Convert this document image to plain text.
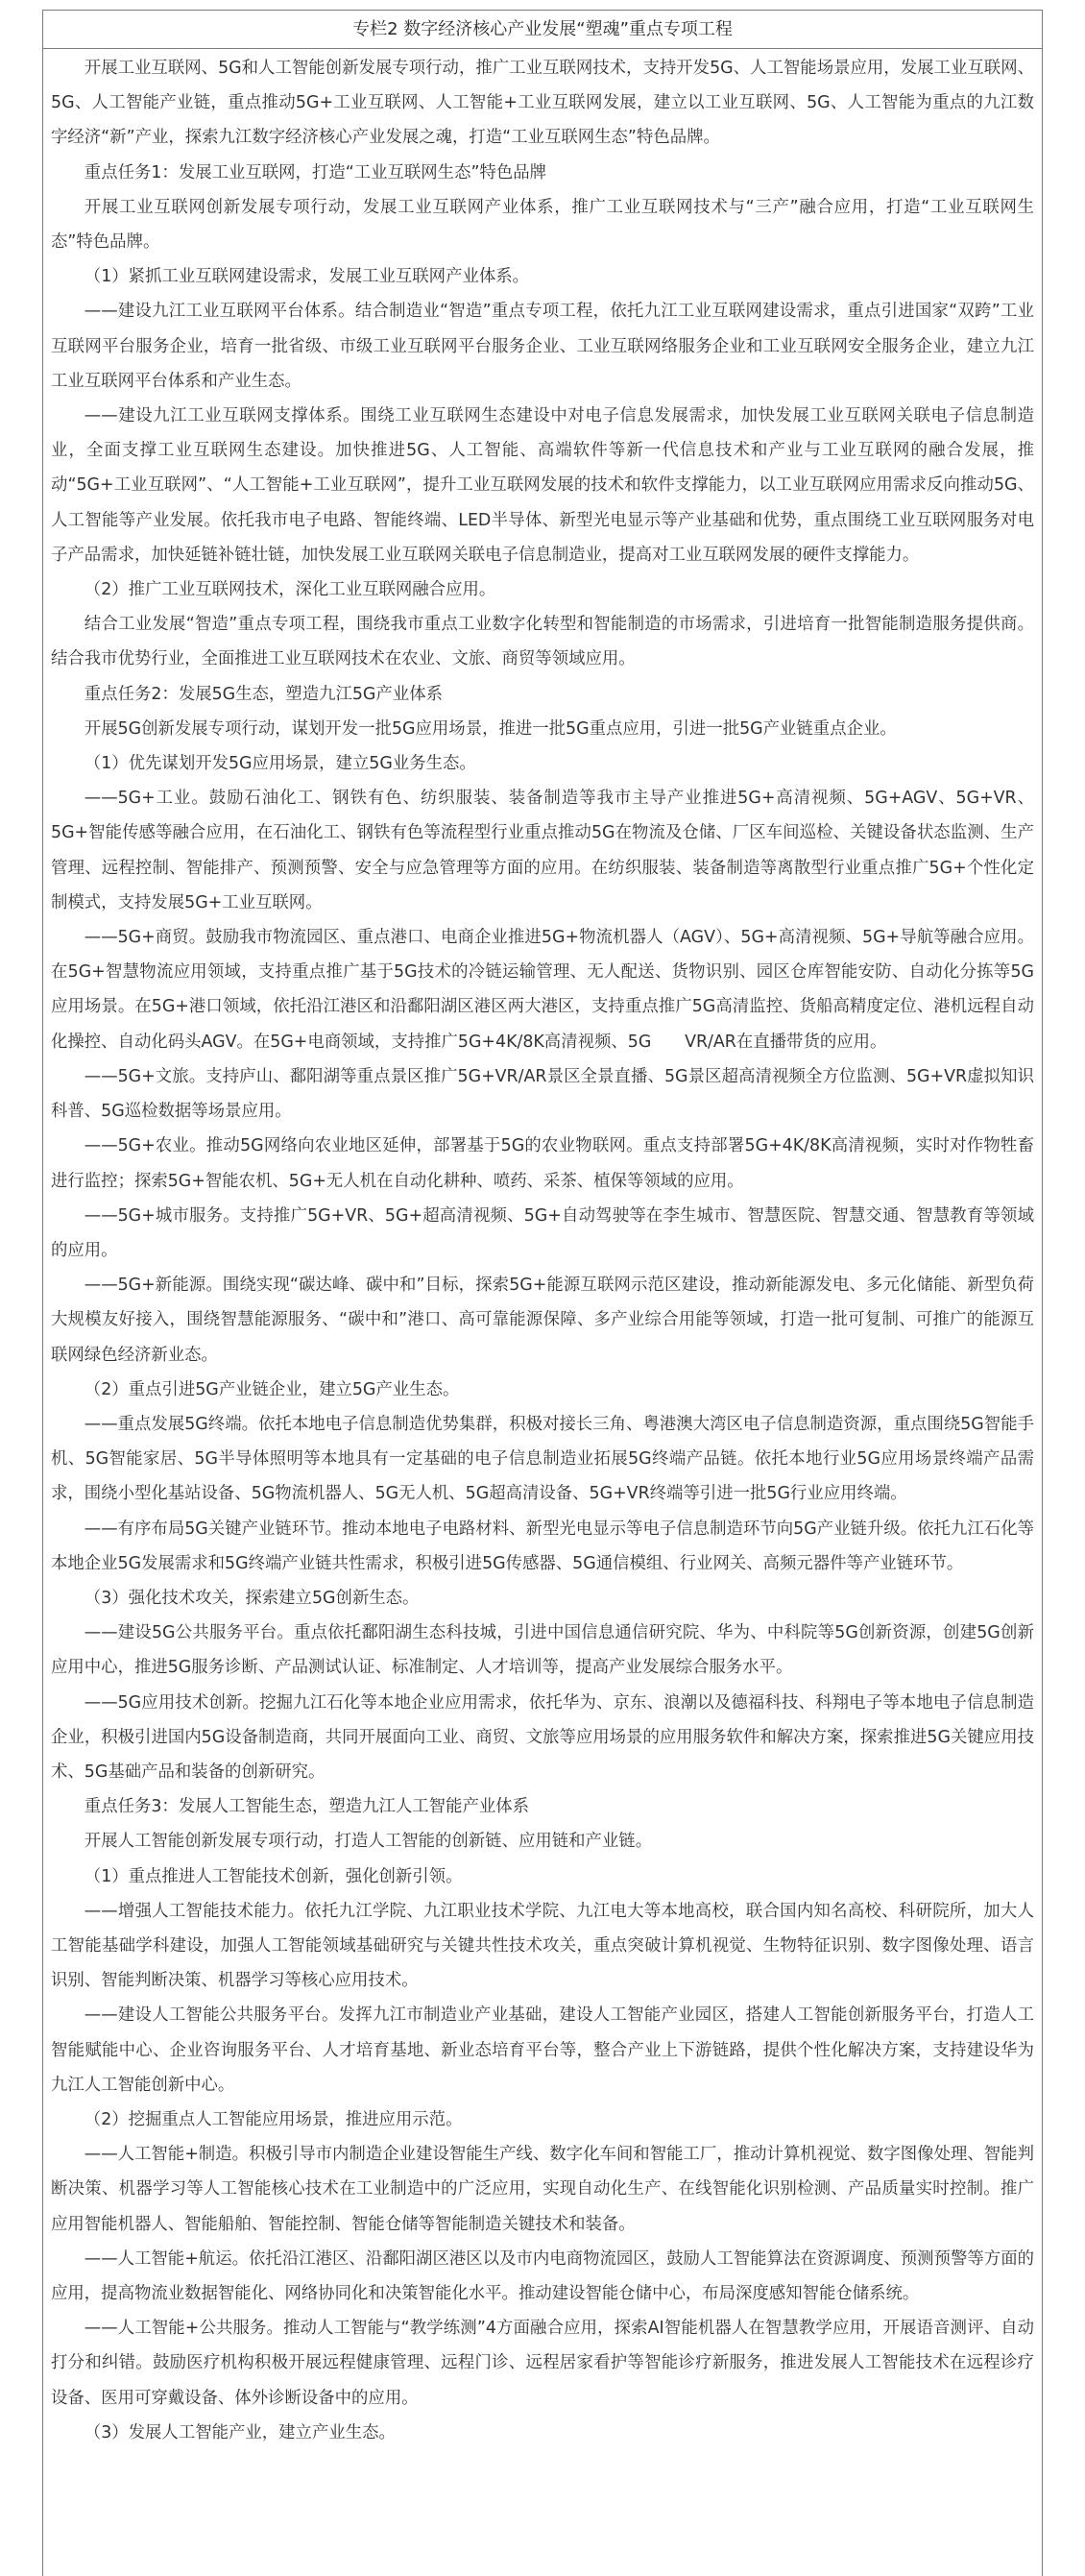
专栏2 数字经济核心产业发展“塑魂”重点专项工程

开展工业互联网、5G和人工智能创新发展专项行动，推广工业互联网技术，支持开发5G、人工智能场景应用，发展工业互联网、5G、人工智能产业链，重点推动5G+工业互联网、人工智能+工业互联网发展，建立以工业互联网、5G、人工智能为重点的九江数字经济“新”产业，探索九江数字经济核心产业发展之魂，打造“工业互联网生态”特色品牌。

重点任务1：发展工业互联网，打造“工业互联网生态”特色品牌

开展工业互联网创新发展专项行动，发展工业互联网产业体系，推广工业互联网技术与“三产”融合应用，打造“工业互联网生态”特色品牌。

（1）紧抓工业互联网建设需求，发展工业互联网产业体系。

——建设九江工业互联网平台体系。结合制造业“智造”重点专项工程，依托九江工业互联网建设需求，重点引进国家“双跨”工业互联网平台服务企业，培育一批省级、市级工业互联网平台服务企业、工业互联网络服务企业和工业互联网安全服务企业，建立九江工业互联网平台体系和产业生态。

——建设九江工业互联网支撑体系。围绕工业互联网生态建设中对电子信息发展需求，加快发展工业互联网关联电子信息制造业，全面支撑工业互联网生态建设。加快推进5G、人工智能、高端软件等新一代信息技术和产业与工业互联网的融合发展，推动“5G+工业互联网”、“人工智能+工业互联网”，提升工业互联网发展的技术和软件支撑能力，以工业互联网应用需求反向推动5G、人工智能等产业发展。依托我市电子电路、智能终端、LED半导体、新型光电显示等产业基础和优势，重点围绕工业互联网服务对电子产品需求，加快延链补链壮链，加快发展工业互联网关联电子信息制造业，提高对工业互联网发展的硬件支撑能力。

（2）推广工业互联网技术，深化工业互联网融合应用。

结合工业发展“智造”重点专项工程，围绕我市重点工业数字化转型和智能制造的市场需求，引进培育一批智能制造服务提供商。结合我市优势行业，全面推进工业互联网技术在农业、文旅、商贸等领域应用。

重点任务2：发展5G生态，塑造九江5G产业体系

开展5G创新发展专项行动，谋划开发一批5G应用场景，推进一批5G重点应用，引进一批5G产业链重点企业。

（1）优先谋划开发5G应用场景，建立5G业务生态。

——5G+工业。鼓励石油化工、钢铁有色、纺织服装、装备制造等我市主导产业推进5G+高清视频、5G+AGV、5G+VR、5G+智能传感等融合应用，在石油化工、钢铁有色等流程型行业重点推动5G在物流及仓储、厂区车间巡检、关键设备状态监测、生产管理、远程控制、智能排产、预测预警、安全与应急管理等方面的应用。在纺织服装、装备制造等离散型行业重点推广5G+个性化定制模式，支持发展5G+工业互联网。

——5G+商贸。鼓励我市物流园区、重点港口、电商企业推进5G+物流机器人（AGV）、5G+高清视频、5G+导航等融合应用。在5G+智慧物流应用领域，支持重点推广基于5G技术的冷链运输管理、无人配送、货物识别、园区仓库智能安防、自动化分拣等5G应用场景。在5G+港口领域，依托沿江港区和沿鄱阳湖区港区两大港区，支持重点推广5G高清监控、货船高精度定位、港机远程自动化操控、自动化码头AGV。在5G+电商领域，支持推广5G+4K/8K高清视频、5G　　VR/AR在直播带货的应用。

——5G+文旅。支持庐山、鄱阳湖等重点景区推广5G+VR/AR景区全景直播、5G景区超高清视频全方位监测、5G+VR虚拟知识科普、5G巡检数据等场景应用。

——5G+农业。推动5G网络向农业地区延伸，部署基于5G的农业物联网。重点支持部署5G+4K/8K高清视频，实时对作物牲畜进行监控；探索5G+智能农机、5G+无人机在自动化耕种、喷药、采茶、植保等领域的应用。

——5G+城市服务。支持推广5G+VR、5G+超高清视频、5G+自动驾驶等在李生城市、智慧医院、智慧交通、智慧教育等领域的应用。

——5G+新能源。围绕实现“碳达峰、碳中和”目标，探索5G+能源互联网示范区建设，推动新能源发电、多元化储能、新型负荷大规模友好接入，围绕智慧能源服务、“碳中和”港口、高可靠能源保障、多产业综合用能等领域，打造一批可复制、可推广的能源互联网绿色经济新业态。

（2）重点引进5G产业链企业，建立5G产业生态。

——重点发展5G终端。依托本地电子信息制造优势集群，积极对接长三角、粤港澳大湾区电子信息制造资源，重点围绕5G智能手机、5G智能家居、5G半导体照明等本地具有一定基础的电子信息制造业拓展5G终端产品链。依托本地行业5G应用场景终端产品需求，围绕小型化基站设备、5G物流机器人、5G无人机、5G超高清设备、5G+VR终端等引进一批5G行业应用终端。

——有序布局5G关键产业链环节。推动本地电子电路材料、新型光电显示等电子信息制造环节向5G产业链升级。依托九江石化等本地企业5G发展需求和5G终端产业链共性需求，积极引进5G传感器、5G通信模组、行业网关、高频元器件等产业链环节。

（3）强化技术攻关，探索建立5G创新生态。

——建设5G公共服务平台。重点依托鄱阳湖生态科技城，引进中国信息通信研究院、华为、中科院等5G创新资源，创建5G创新应用中心，推进5G服务诊断、产品测试认证、标准制定、人才培训等，提高产业发展综合服务水平。

——5G应用技术创新。挖掘九江石化等本地企业应用需求，依托华为、京东、浪潮以及德福科技、科翔电子等本地电子信息制造企业，积极引进国内5G设备制造商，共同开展面向工业、商贸、文旅等应用场景的应用服务软件和解决方案，探索推进5G关键应用技术、5G基础产品和装备的创新研究。

重点任务3：发展人工智能生态，塑造九江人工智能产业体系

开展人工智能创新发展专项行动，打造人工智能的创新链、应用链和产业链。

（1）重点推进人工智能技术创新，强化创新引领。

——增强人工智能技术能力。依托九江学院、九江职业技术学院、九江电大等本地高校，联合国内知名高校、科研院所，加大人工智能基础学科建设，加强人工智能领域基础研究与关键共性技术攻关，重点突破计算机视觉、生物特征识别、数字图像处理、语言识别、智能判断决策、机器学习等核心应用技术。

——建设人工智能公共服务平台。发挥九江市制造业产业基础，建设人工智能产业园区，搭建人工智能创新服务平台，打造人工智能赋能中心、企业咨询服务平台、人才培育基地、新业态培育平台等，整合产业上下游链路，提供个性化解决方案，支持建设华为九江人工智能创新中心。

（2）挖掘重点人工智能应用场景，推进应用示范。

——人工智能+制造。积极引导市内制造企业建设智能生产线、数字化车间和智能工厂，推动计算机视觉、数字图像处理、智能判断决策、机器学习等人工智能核心技术在工业制造中的广泛应用，实现自动化生产、在线智能化识别检测、产品质量实时控制。推广应用智能机器人、智能船舶、智能控制、智能仓储等智能制造关键技术和装备。

——人工智能+航运。依托沿江港区、沿鄱阳湖区港区以及市内电商物流园区，鼓励人工智能算法在资源调度、预测预警等方面的应用，提高物流业数据智能化、网络协同化和决策智能化水平。推动建设智能仓储中心，布局深度感知智能仓储系统。

——人工智能+公共服务。推动人工智能与“教学练测”4方面融合应用，探索AI智能机器人在智慧教学应用，开展语音测评、自动打分和纠错。鼓励医疗机构积极开展远程健康管理、远程门诊、远程居家看护等智能诊疗新服务，推进发展人工智能技术在远程诊疗设备、医用可穿戴设备、体外诊断设备中的应用。

（3）发展人工智能产业，建立产业生态。
